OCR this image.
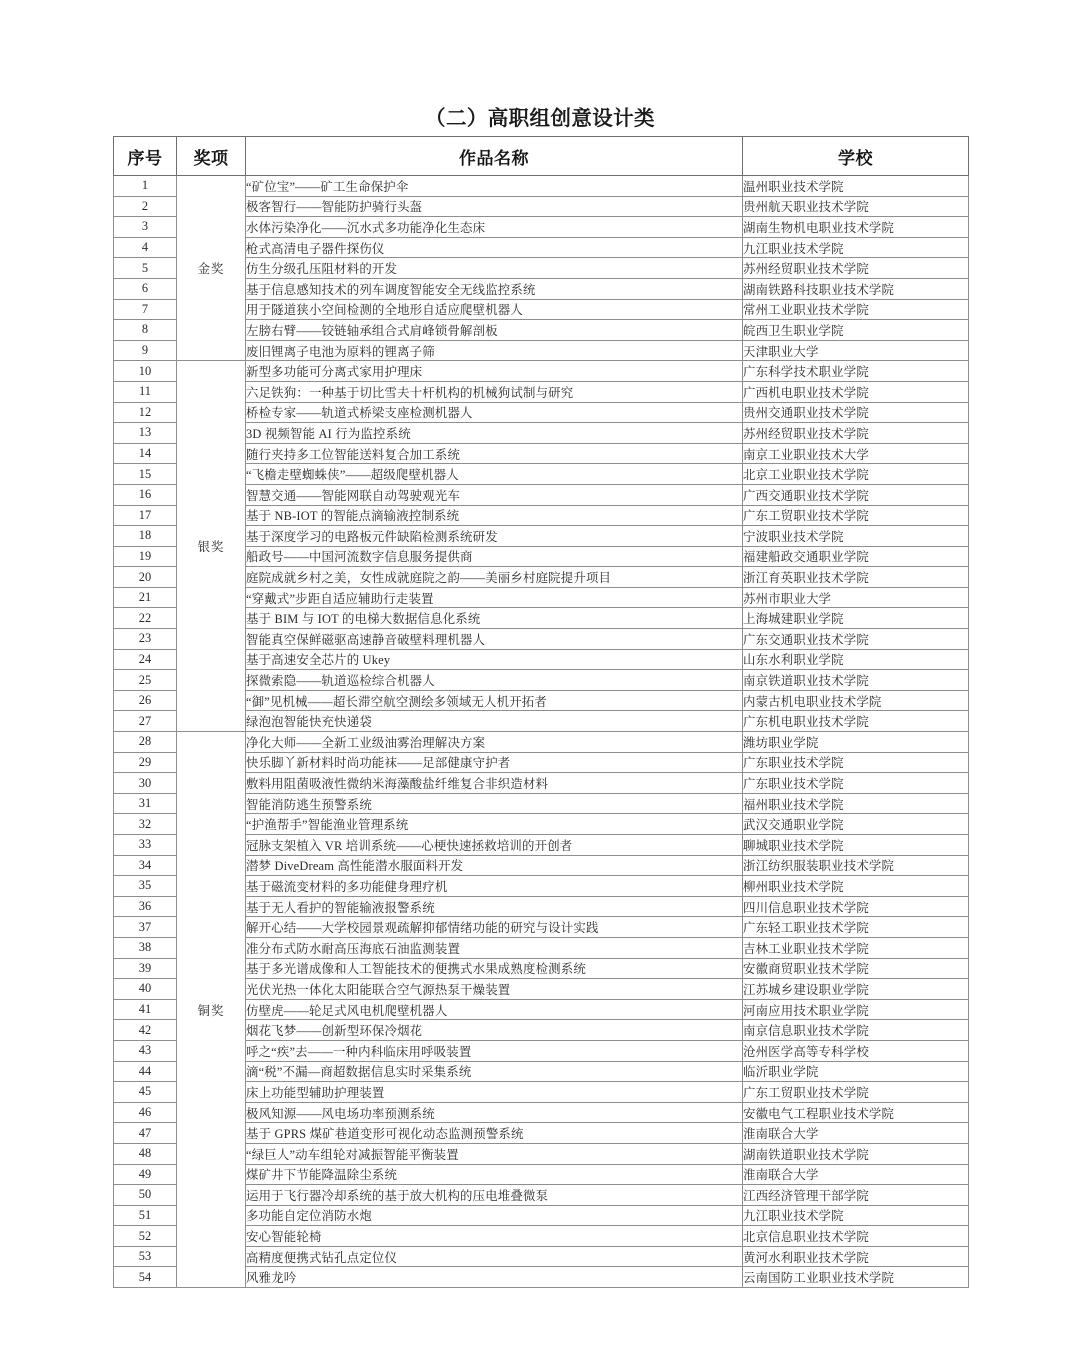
（二）高职组创意设计类
序号	奖项	作品名称	学校
1	金奖	“矿位宝”——矿工生命保护伞	温州职业技术学院
2		极客智行——智能防护骑行头盔	贵州航天职业技术学院
3		水体污染净化——沉水式多功能净化生态床	湖南生物机电职业技术学院
4		枪式高清电子器件探伤仪	九江职业技术学院
5		仿生分级孔压阻材料的开发	苏州经贸职业技术学院
6		基于信息感知技术的列车调度智能安全无线监控系统	湖南铁路科技职业技术学院
7		用于隧道狭小空间检测的全地形自适应爬壁机器人	常州工业职业技术学院
8		左膀右臂——铰链轴承组合式肩峰锁骨解剖板	皖西卫生职业学院
9		废旧锂离子电池为原料的锂离子筛	天津职业大学
10	银奖	新型多功能可分离式家用护理床	广东科学技术职业学院
11		六足铁狗：一种基于切比雪夫十杆机构的机械狗试制与研究	广西机电职业技术学院
12		桥检专家——轨道式桥梁支座检测机器人	贵州交通职业技术学院
13		3D 视频智能 AI 行为监控系统	苏州经贸职业技术学院
14		随行夹持多工位智能送料复合加工系统	南京工业职业技术大学
15		“飞檐走壁蜘蛛侠”——超级爬壁机器人	北京工业职业技术学院
16		智慧交通——智能网联自动驾驶观光车	广西交通职业技术学院
17		基于 NB-IOT 的智能点滴输液控制系统	广东工贸职业技术学院
18		基于深度学习的电路板元件缺陷检测系统研发	宁波职业技术学院
19		船政号——中国河流数字信息服务提供商	福建船政交通职业学院
20		庭院成就乡村之美，女性成就庭院之韵——美丽乡村庭院提升项目	浙江育英职业技术学院
21		“穿戴式”步距自适应辅助行走装置	苏州市职业大学
22		基于 BIM 与 IOT 的电梯大数据信息化系统	上海城建职业学院
23		智能真空保鲜磁驱高速静音破壁料理机器人	广东交通职业技术学院
24		基于高速安全芯片的 Ukey	山东水利职业学院
25		探微索隐——轨道巡检综合机器人	南京铁道职业技术学院
26		“御”见机械——超长滞空航空测绘多领域无人机开拓者	内蒙古机电职业技术学院
27		绿泡泡智能快充快递袋	广东机电职业技术学院
28	铜奖	净化大师——全新工业级油雾治理解决方案	潍坊职业学院
29		快乐脚丫新材料时尚功能袜——足部健康守护者	广东职业技术学院
30		敷料用阻菌吸液性微纳米海藻酸盐纤维复合非织造材料	广东职业技术学院
31		智能消防逃生预警系统	福州职业技术学院
32		“护渔帮手”智能渔业管理系统	武汉交通职业学院
33		冠脉支架植入 VR 培训系统——心梗快速拯救培训的开创者	聊城职业技术学院
34		潜梦 DiveDream 高性能潜水服面料开发	浙江纺织服装职业技术学院
35		基于磁流变材料的多功能健身理疗机	柳州职业技术学院
36		基于无人看护的智能输液报警系统	四川信息职业技术学院
37		解开心结——大学校园景观疏解抑郁情绪功能的研究与设计实践	广东轻工职业技术学院
38		准分布式防水耐高压海底石油监测装置	吉林工业职业技术学院
39		基于多光谱成像和人工智能技术的便携式水果成熟度检测系统	安徽商贸职业技术学院
40		光伏光热一体化太阳能联合空气源热泵干燥装置	江苏城乡建设职业学院
41		仿壁虎——轮足式风电机爬壁机器人	河南应用技术职业学院
42		烟花飞梦——创新型环保冷烟花	南京信息职业技术学院
43		呼之“疾”去——一种内科临床用呼吸装置	沧州医学高等专科学校
44		滴“税”不漏—商超数据信息实时采集系统	临沂职业学院
45		床上功能型辅助护理装置	广东工贸职业技术学院
46		极风知源——风电场功率预测系统	安徽电气工程职业技术学院
47		基于 GPRS 煤矿巷道变形可视化动态监测预警系统	淮南联合大学
48		“绿巨人”动车组轮对减振智能平衡装置	湖南铁道职业技术学院
49		煤矿井下节能降温除尘系统	淮南联合大学
50		运用于飞行器冷却系统的基于放大机构的压电堆叠微泵	江西经济管理干部学院
51		多功能自定位消防水炮	九江职业技术学院
52		安心智能轮椅	北京信息职业技术学院
53		高精度便携式钻孔点定位仪	黄河水利职业技术学院
54		风雅龙吟	云南国防工业职业技术学院
